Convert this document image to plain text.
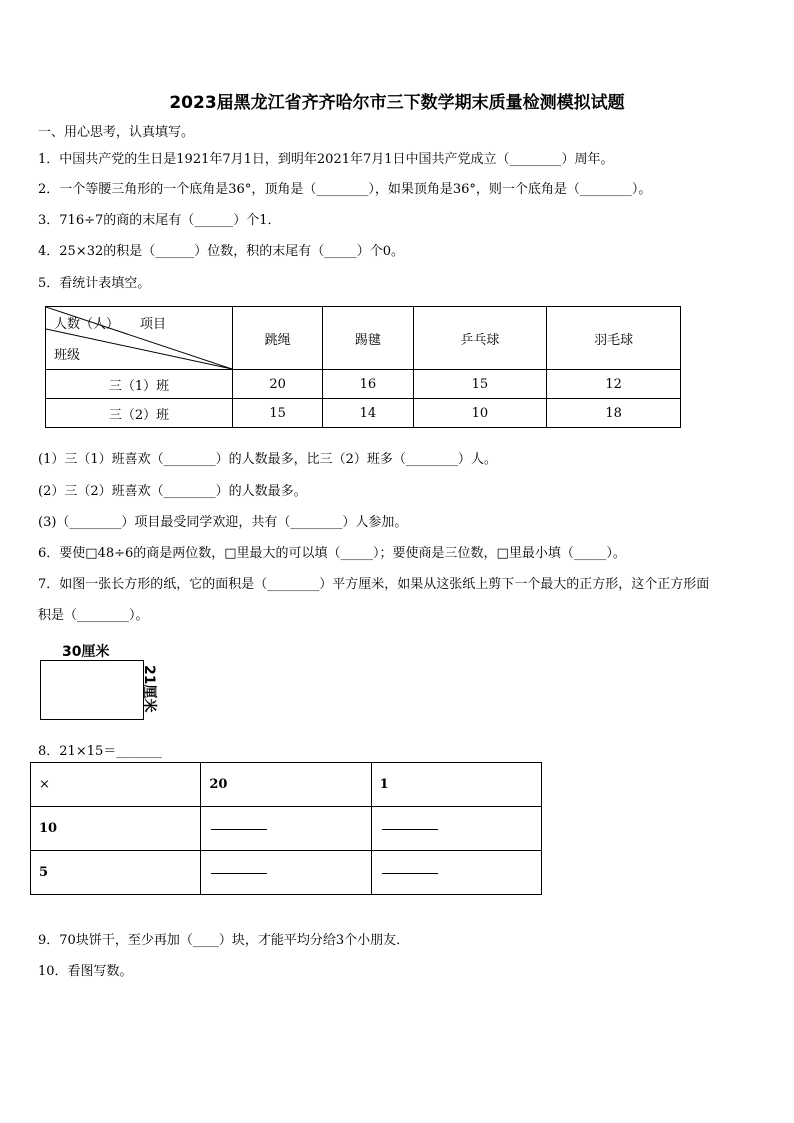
2023届黑龙江省齐齐哈尔市三下数学期末质量检测模拟试题
一、用心思考，认真填写。
1．中国共产党的生日是1921年7月1日，到明年2021年7月1日中国共产党成立（________）周年。
2．一个等腰三角形的一个底角是36°，顶角是（________），如果顶角是36°，则一个底角是（________）。
3．716÷7的商的末尾有（______）个1．
4．25×32的积是（______）位数，积的末尾有（_____）个0。
5．看统计表填空。
人数（人） 项目
班级	跳绳	踢毽	乒乓球	羽毛球
三（1）班	20	16	15	12
三（2）班	15	14	10	18
(1）三（1）班喜欢（________）的人数最多，比三（2）班多（________）人。
(2）三（2）班喜欢（________）的人数最多。
(3)（________）项目最受同学欢迎，共有（________）人参加。
6．要使□48÷6的商是两位数，□里最大的可以填（_____）；要使商是三位数，□里最小填（_____）。
7．如图一张长方形的纸，它的面积是（________）平方厘米，如果从这张纸上剪下一个最大的正方形，这个正方形面
积是（________）。
30厘米
21厘米
8．21×15＝_______
×	20	1
10		
5		
9．70块饼干，至少再加（____）块，才能平均分给3个小朋友．
10．看图写数。
